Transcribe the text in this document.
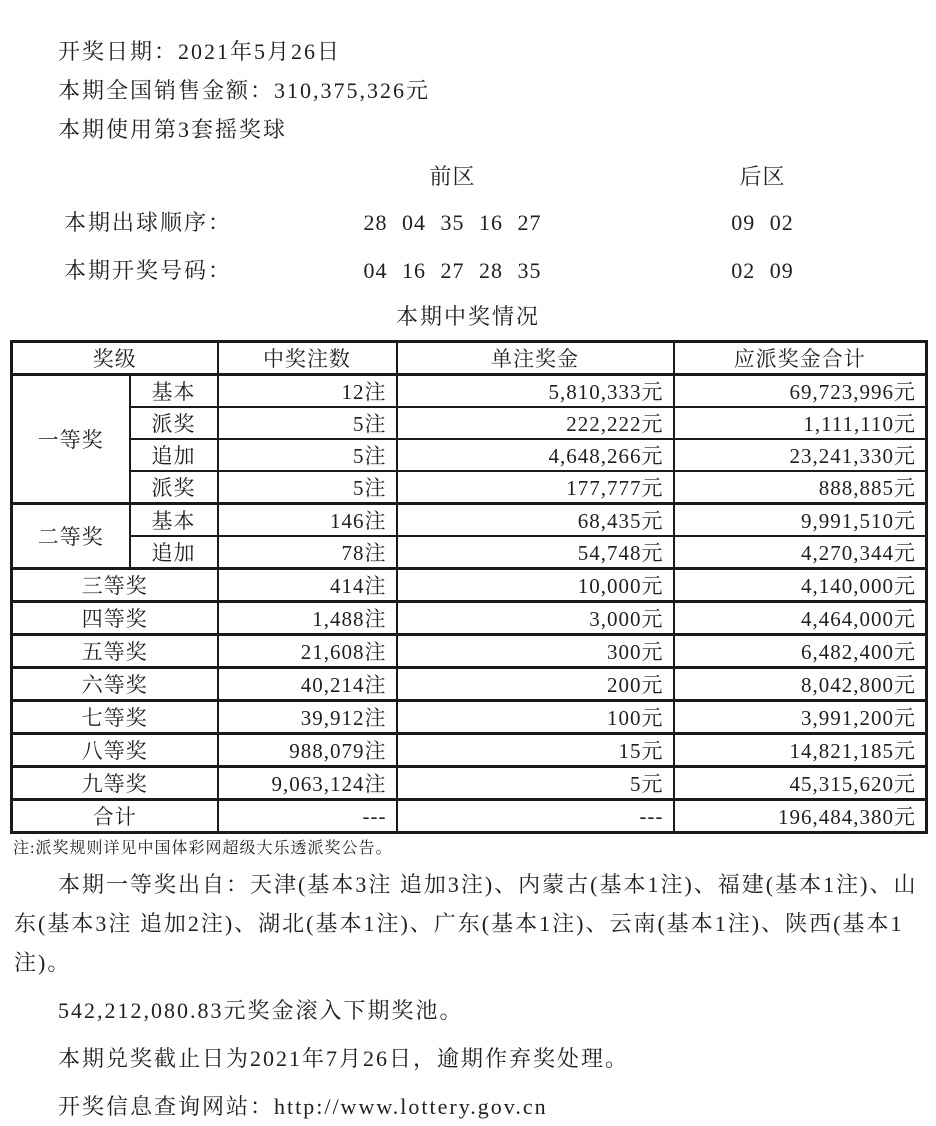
开奖日期：2021年5月26日
本期全国销售金额：310,375,326元
本期使用第3套摇奖球
前区	后区
本期出球顺序：	28 04 35 16 27	09 02
本期开奖号码：	04 16 27 28 35	02 09
本期中奖情况
奖级		中奖注数	单注奖金	应派奖金合计
一等奖	基本	12注	5,810,333元	69,723,996元
	派奖	5注	222,222元	1,111,110元
	追加	5注	4,648,266元	23,241,330元
	派奖	5注	177,777元	888,885元
二等奖	基本	146注	68,435元	9,991,510元
	追加	78注	54,748元	4,270,344元
三等奖		414注	10,000元	4,140,000元
四等奖		1,488注	3,000元	4,464,000元
五等奖		21,608注	300元	6,482,400元
六等奖		40,214注	200元	8,042,800元
七等奖		39,912注	100元	3,991,200元
八等奖		988,079注	15元	14,821,185元
九等奖		9,063,124注	5元	45,315,620元
合计		---	---	196,484,380元
注:派奖规则详见中国体彩网超级大乐透派奖公告。

本期一等奖出自：天津(基本3注 追加3注)、内蒙古(基本1注)、福建(基本1注)、山东(基本3注 追加2注)、湖北(基本1注)、广东(基本1注)、云南(基本1注)、陕西(基本1注)。

542,212,080.83元奖金滚入下期奖池。

本期兑奖截止日为2021年7月26日，逾期作弃奖处理。

开奖信息查询网站：http://www.lottery.gov.cn
